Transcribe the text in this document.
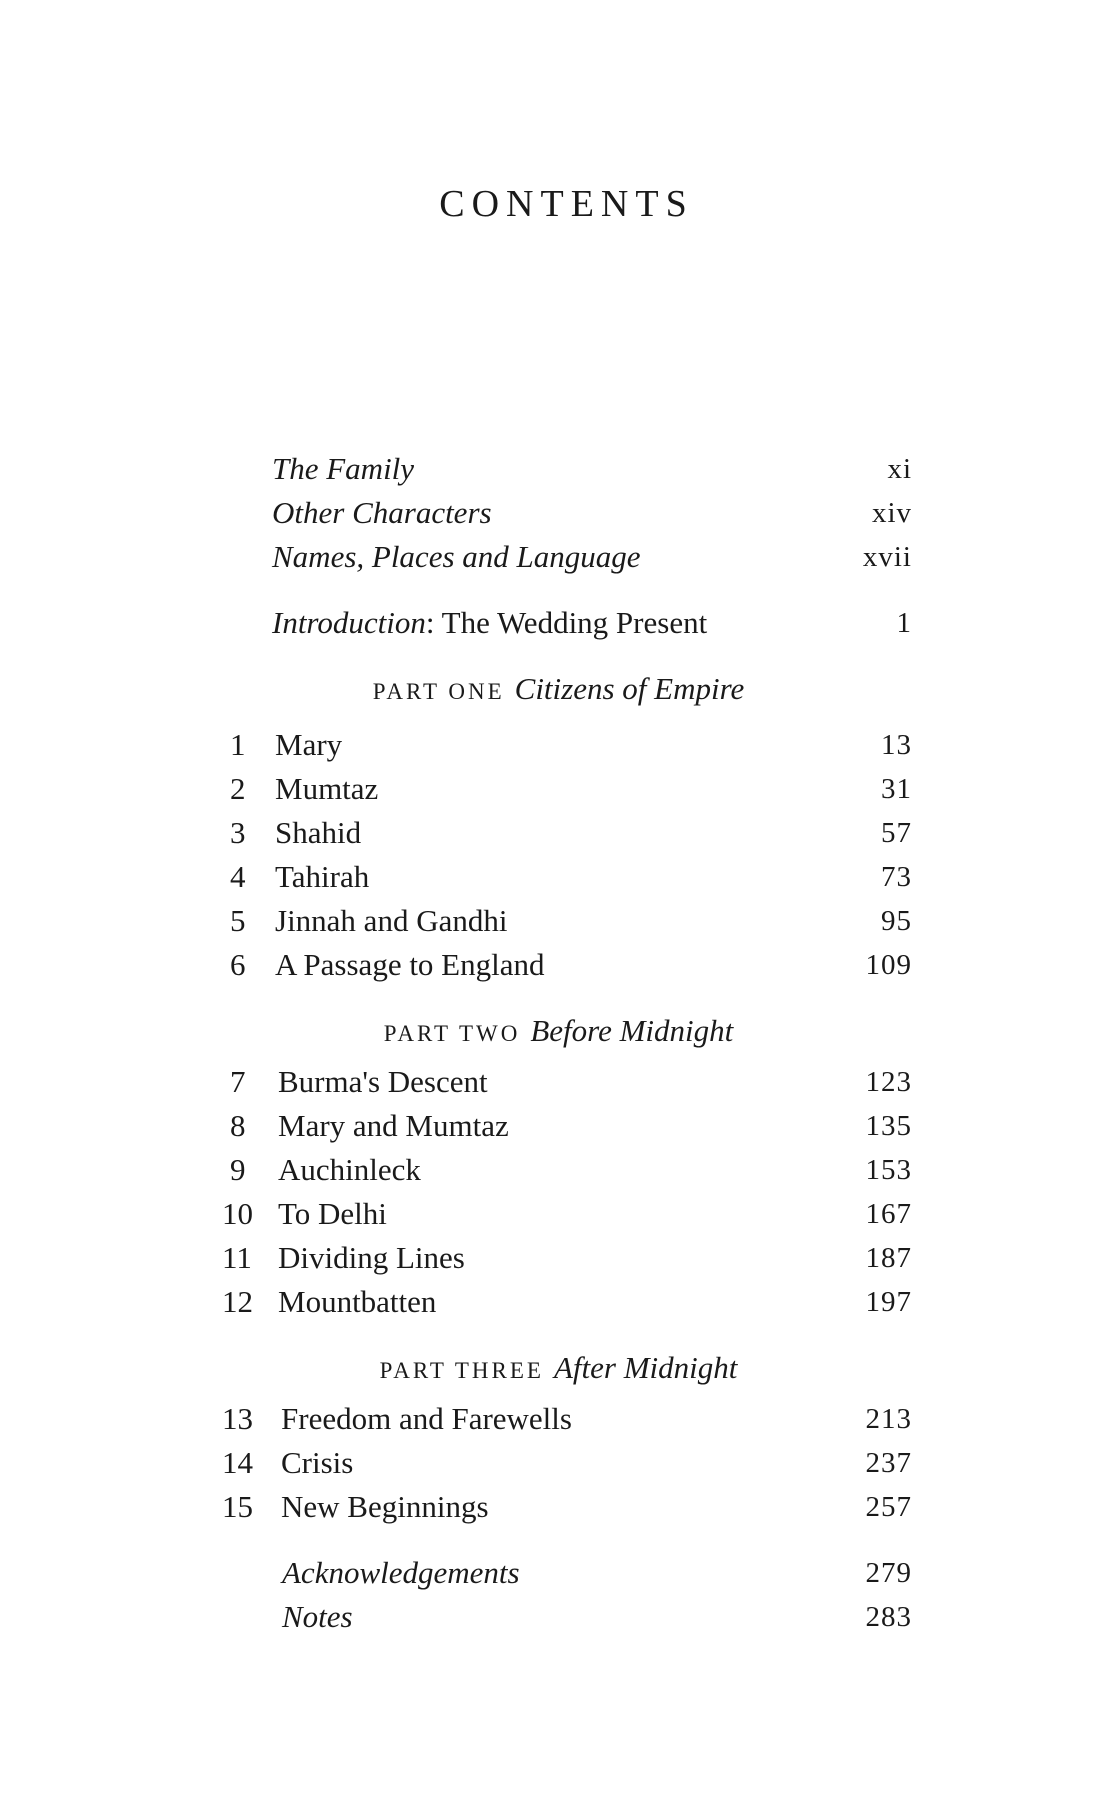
CONTENTS
The Family	xi
Other Characters	xiv
Names, Places and Language	xvii
Introduction: The Wedding Present	1
PART ONE Citizens of Empire
1 Mary	13
2 Mumtaz	31
3 Shahid	57
4 Tahirah	73
5 Jinnah and Gandhi	95
6 A Passage to England	109
PART TWO Before Midnight
7	Burma's Descent	123
8	Mary and Mumtaz	135
9	Auchinleck	153
10 To Delhi	167
11 Dividing Lines	187
12 Mountbatten	197
PART THREE After Midnight
13 Freedom and Farewells	213
14 Crisis	237
15 New Beginnings	257
Acknowledgements	279
Notes	283
